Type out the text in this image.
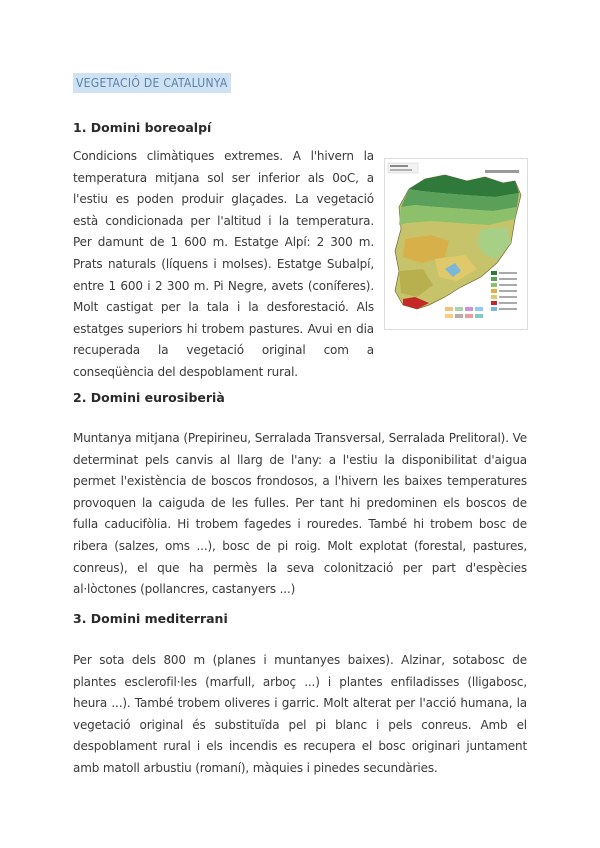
VEGETACIÓ DE CATALUNYA
1. Domini boreoalpí

Condicions climàtiques extremes. A l'hivern la temperatura mitjana sol ser inferior als 0oC, a l'estiu es poden produir glaçades. La vegetació està condicionada per l'altitud i la temperatura. Per damunt de 1 600 m. Estatge Alpí: 2 300 m. Prats naturals (líquens i molses). Estatge Subalpí, entre 1 600 i 2 300 m. Pi Negre, avets (coníferes). Molt castigat per la tala i la desforestació. Als estatges superiors hi trobem pastures. Avui en dia recuperada la vegetació original com a conseqüència del despoblament rural.

2. Domini eurosiberià

Muntanya mitjana (Prepirineu, Serralada Transversal, Serralada Prelitoral). Ve determinat pels canvis al llarg de l'any: a l'estiu la disponibilitat d'aigua permet l'existència de boscos frondosos, a l'hivern les baixes temperatures provoquen la caiguda de les fulles. Per tant hi predominen els boscos de fulla caducifòlia. Hi trobem fagedes i rouredes. També hi trobem bosc de ribera (salzes, oms ...), bosc de pi roig. Molt explotat (forestal, pastures, conreus), el que ha permès la seva colonització per part d'espècies al·lòctones (pollancres, castanyers ...)

3. Domini mediterrani

Per sota dels 800 m (planes i muntanyes baixes). Alzinar, sotabosc de plantes esclerofil·les (marfull, arboç ...) i plantes enfiladisses (lligabosc, heura ...). També trobem oliveres i garric. Molt alterat per l'acció humana, la vegetació original és substituïda pel pi blanc i pels conreus. Amb el despoblament rural i els incendis es recupera el bosc originari juntament amb matoll arbustiu (romaní), màquies i pinedes secundàries.
